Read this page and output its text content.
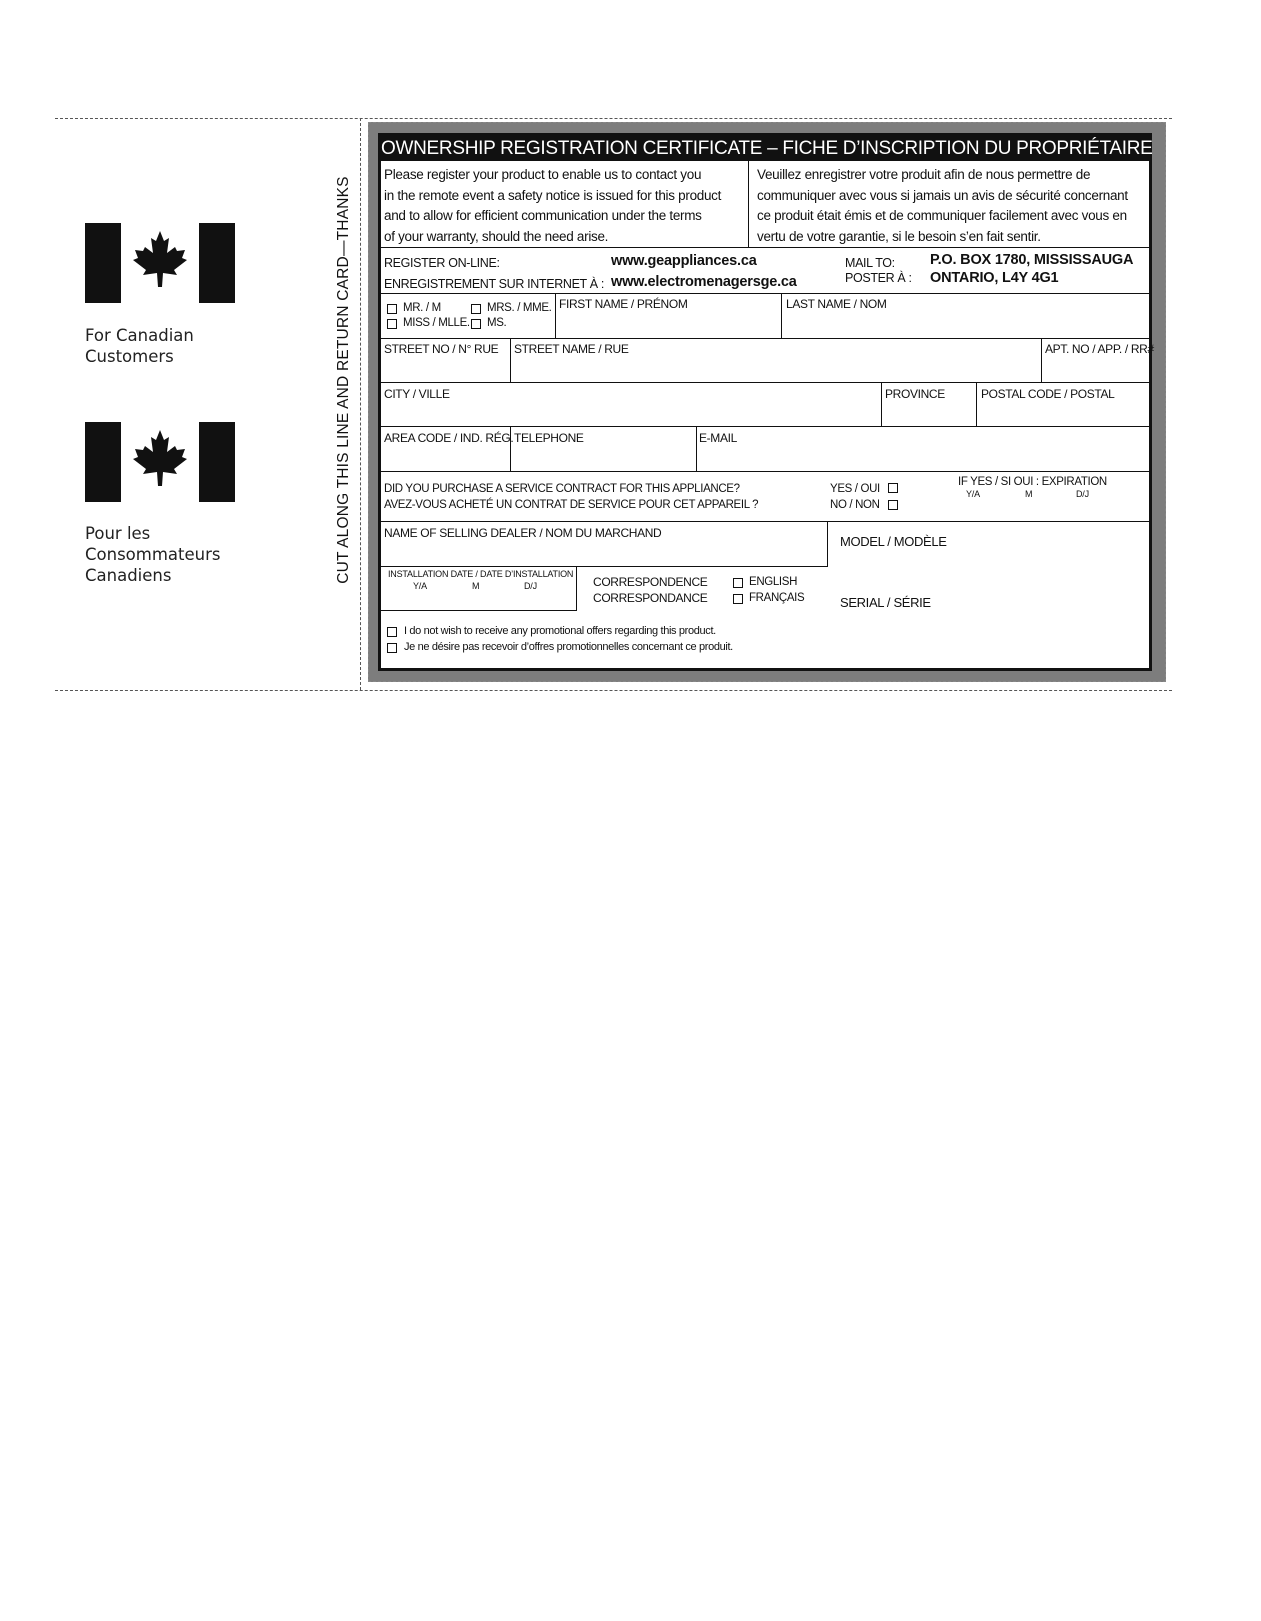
CUT ALONG THIS LINE AND RETURN CARD—THANKS
For Canadian
Customers
Pour les
Consommateurs
Canadiens
OWNERSHIP REGISTRATION CERTIFICATE – FICHE D’INSCRIPTION DU PROPRIÉTAIRE
Please register your product to enable us to contact you
in the remote event a safety notice is issued for this product
and to allow for efficient communication under the terms
of your warranty, should the need arise.
Veuillez enregistrer votre produit afin de nous permettre de
communiquer avec vous si jamais un avis de sécurité concernant
ce produit était émis et de communiquer facilement avec vous en
vertu de votre garantie, si le besoin s’en fait sentir.
REGISTER ON-LINE:	www.geappliances.ca
ENREGISTREMENT SUR INTERNET À : www.electromenagersge.ca
MAIL TO:
POSTER À :
P.O. BOX 1780, MISSISSAUGA
ONTARIO, L4Y 4G1
MR. / M	MRS. / MME.
MISS / MLLE. MS.
FIRST NAME / PRÉNOM	LAST NAME / NOM
STREET NO / N° RUE STREET NAME / RUE	APT. NO / APP. / RR#
CITY / VILLE	PROVINCE	POSTAL CODE / POSTAL
AREA CODE / IND. RÉG. TELEPHONE	E-MAIL
DID YOU PURCHASE A SERVICE CONTRACT FOR THIS APPLIANCE?
AVEZ-VOUS ACHETÉ UN CONTRAT DE SERVICE POUR CET APPAREIL ?
YES / OUI
NO / NON
IF YES / SI OUI : EXPIRATION
Y/A	M	D/J
NAME OF SELLING DEALER / NOM DU MARCHAND
MODEL / MODÈLE
SERIAL / SÉRIE
INSTALLATION DATE / DATE D’INSTALLATION
Y/A	M	D/J	CORRESPONDENCE
CORRESPONDANCE
ENGLISH
FRANÇAIS
I do not wish to receive any promotional offers regarding this product.
Je ne désire pas recevoir d’offres promotionnelles concernant ce produit.
